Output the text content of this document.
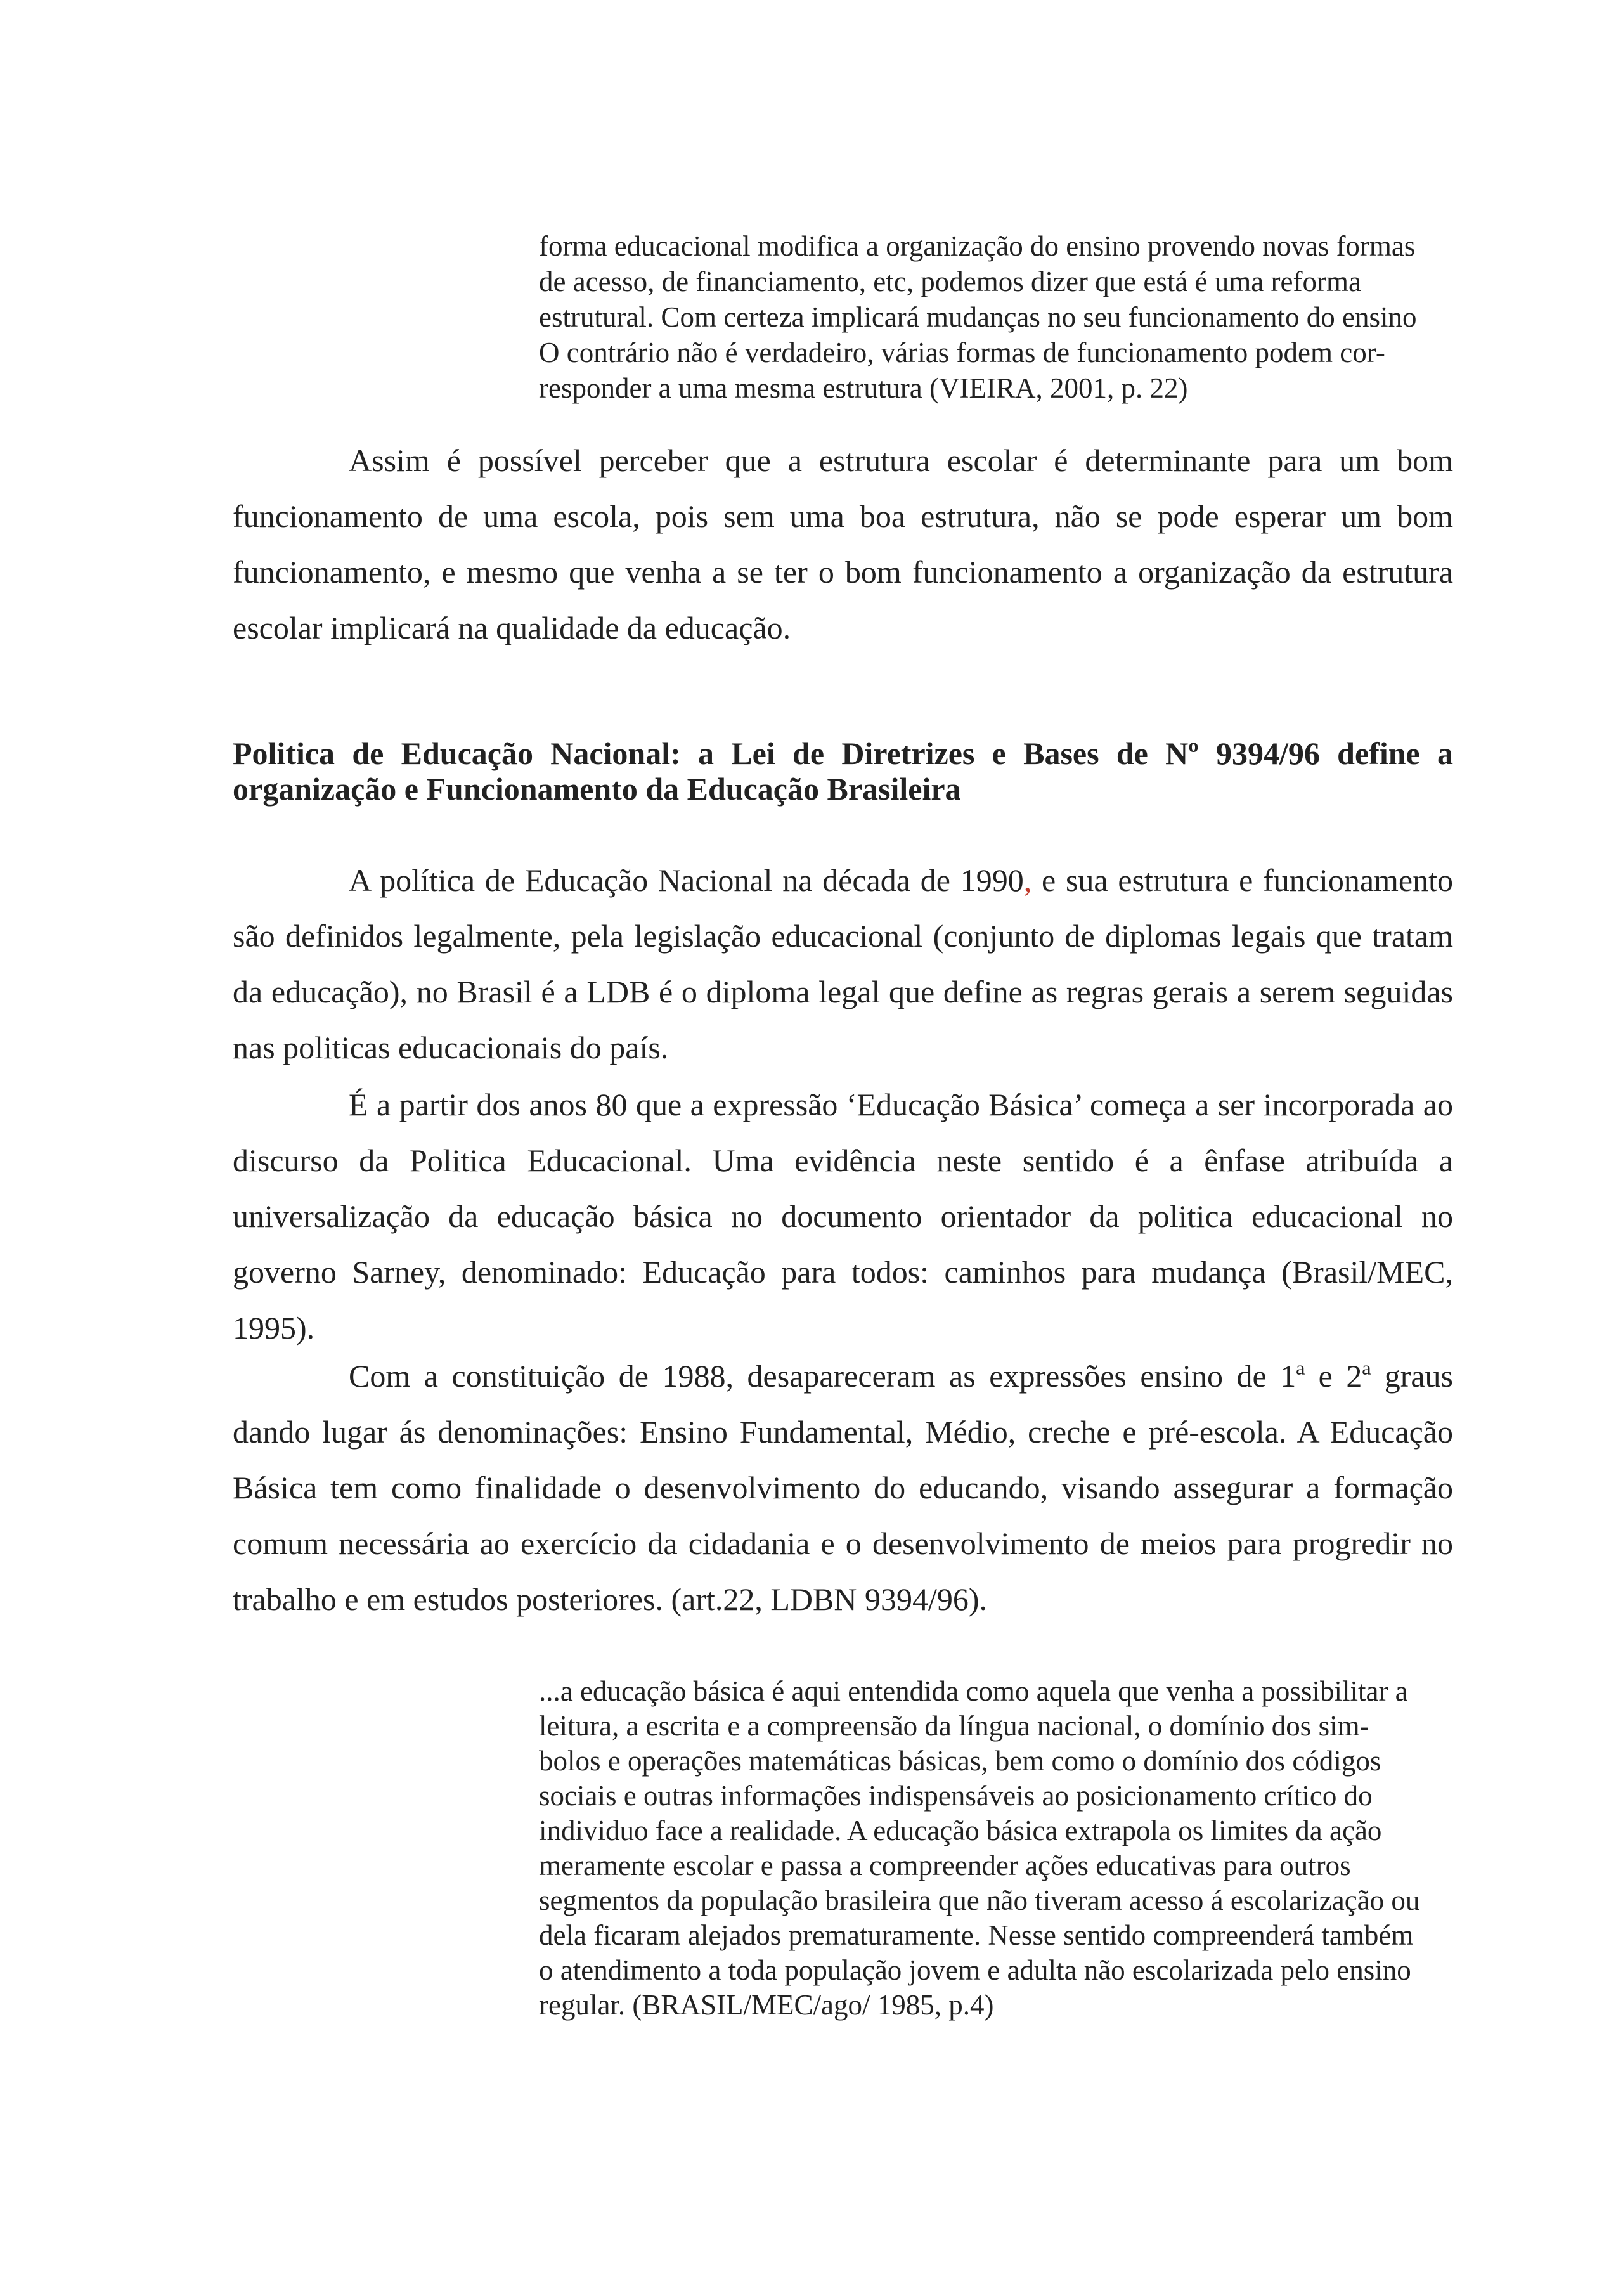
forma educacional modifica a organização do ensino provendo novas formas
de acesso, de financiamento, etc, podemos dizer que está é uma reforma
estrutural. Com certeza implicará mudanças no seu funcionamento do ensino
O contrário não é verdadeiro, várias formas de funcionamento podem cor-
responder a uma mesma estrutura (VIEIRA, 2001, p. 22)

Assim é possível perceber que a estrutura escolar é determinante para um bom funcionamento de uma escola, pois sem uma boa estrutura, não se pode esperar um bom funcionamento, e mesmo que venha a se ter o bom funcionamento a organização da estrutura escolar implicará na qualidade da educação.

Politica de Educação Nacional: a Lei de Diretrizes e Bases de Nº 9394/96 define a
organização e Funcionamento da Educação Brasileira

A política de Educação Nacional na década de 1990, e sua estrutura e funcionamento são definidos legalmente, pela legislação educacional (conjunto de diplomas legais que tratam da educação), no Brasil é a LDB é o diploma legal que define as regras gerais a serem seguidas nas politicas educacionais do país.

É a partir dos anos 80 que a expressão ‘Educação Básica’ começa a ser incorporada ao discurso da Politica Educacional. Uma evidência neste sentido é a ênfase atribuída a universalização da educação básica no documento orientador da politica educacional no governo Sarney, denominado: Educação para todos: caminhos para mudança (Brasil/MEC, 1995).

Com a constituição de 1988, desapareceram as expressões ensino de 1ª e 2ª graus dando lugar ás denominações: Ensino Fundamental, Médio, creche e pré-escola. A Educação Básica tem como finalidade o desenvolvimento do educando, visando assegurar a formação comum necessária ao exercício da cidadania e o desenvolvimento de meios para progredir no trabalho e em estudos posteriores. (art.22, LDBN 9394/96).

...a educação básica é aqui entendida como aquela que venha a possibilitar a
leitura, a escrita e a compreensão da língua nacional, o domínio dos sim-
bolos e operações matemáticas básicas, bem como o domínio dos códigos
sociais e outras informações indispensáveis ao posicionamento crítico do
individuo face a realidade. A educação básica extrapola os limites da ação
meramente escolar e passa a compreender ações educativas para outros
segmentos da população brasileira que não tiveram acesso á escolarização ou
dela ficaram alejados prematuramente. Nesse sentido compreenderá também
o atendimento a toda população jovem e adulta não escolarizada pelo ensino
regular. (BRASIL/MEC/ago/ 1985, p.4)
